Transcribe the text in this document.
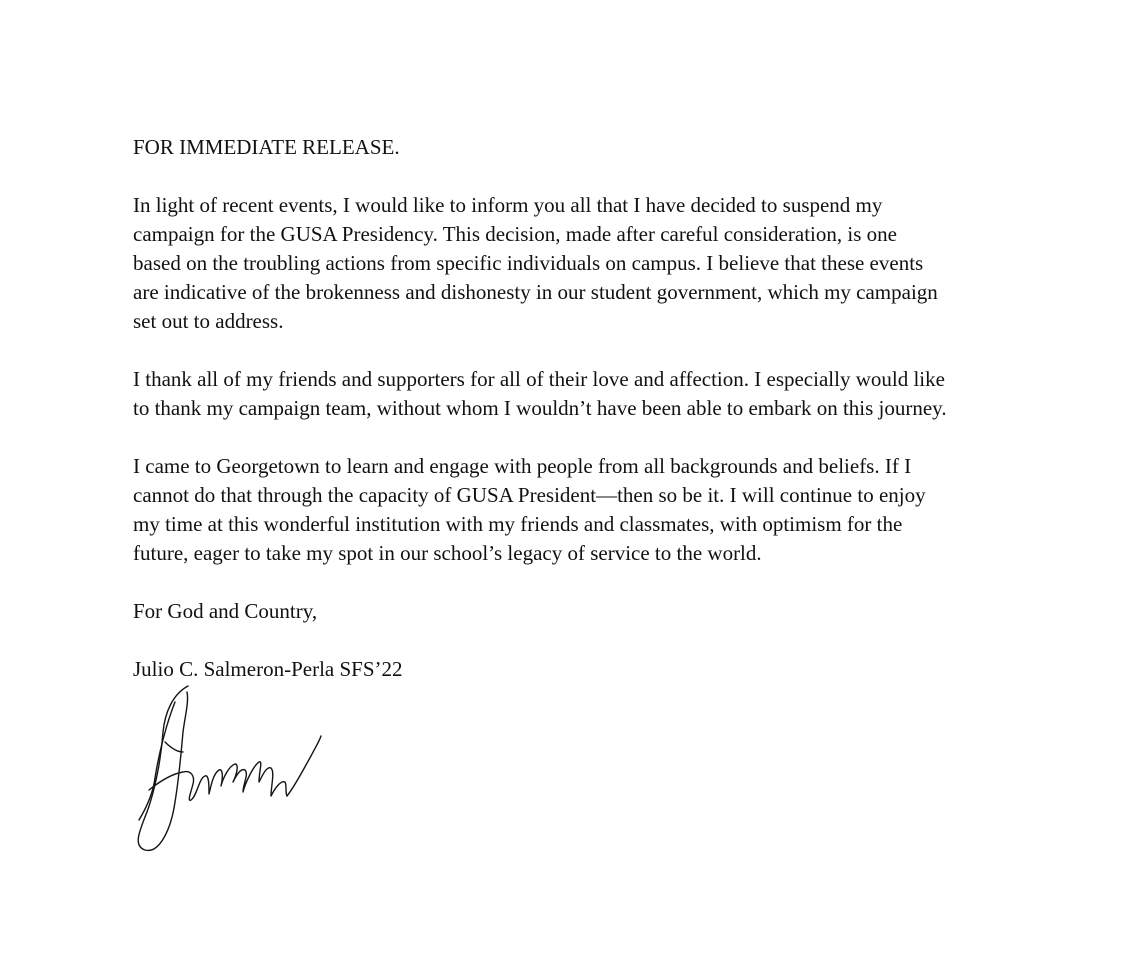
FOR IMMEDIATE RELEASE.
In light of recent events, I would like to inform you all that I have decided to suspend my
campaign for the GUSA Presidency. This decision, made after careful consideration, is one
based on the troubling actions from specific individuals on campus. I believe that these events
are indicative of the brokenness and dishonesty in our student government, which my campaign
set out to address.
I thank all of my friends and supporters for all of their love and affection. I especially would like
to thank my campaign team, without whom I wouldn’t have been able to embark on this journey.
I came to Georgetown to learn and engage with people from all backgrounds and beliefs. If I
cannot do that through the capacity of GUSA President—then so be it. I will continue to enjoy
my time at this wonderful institution with my friends and classmates, with optimism for the
future, eager to take my spot in our school’s legacy of service to the world.
For God and Country,
Julio C. Salmeron-Perla SFS’22
